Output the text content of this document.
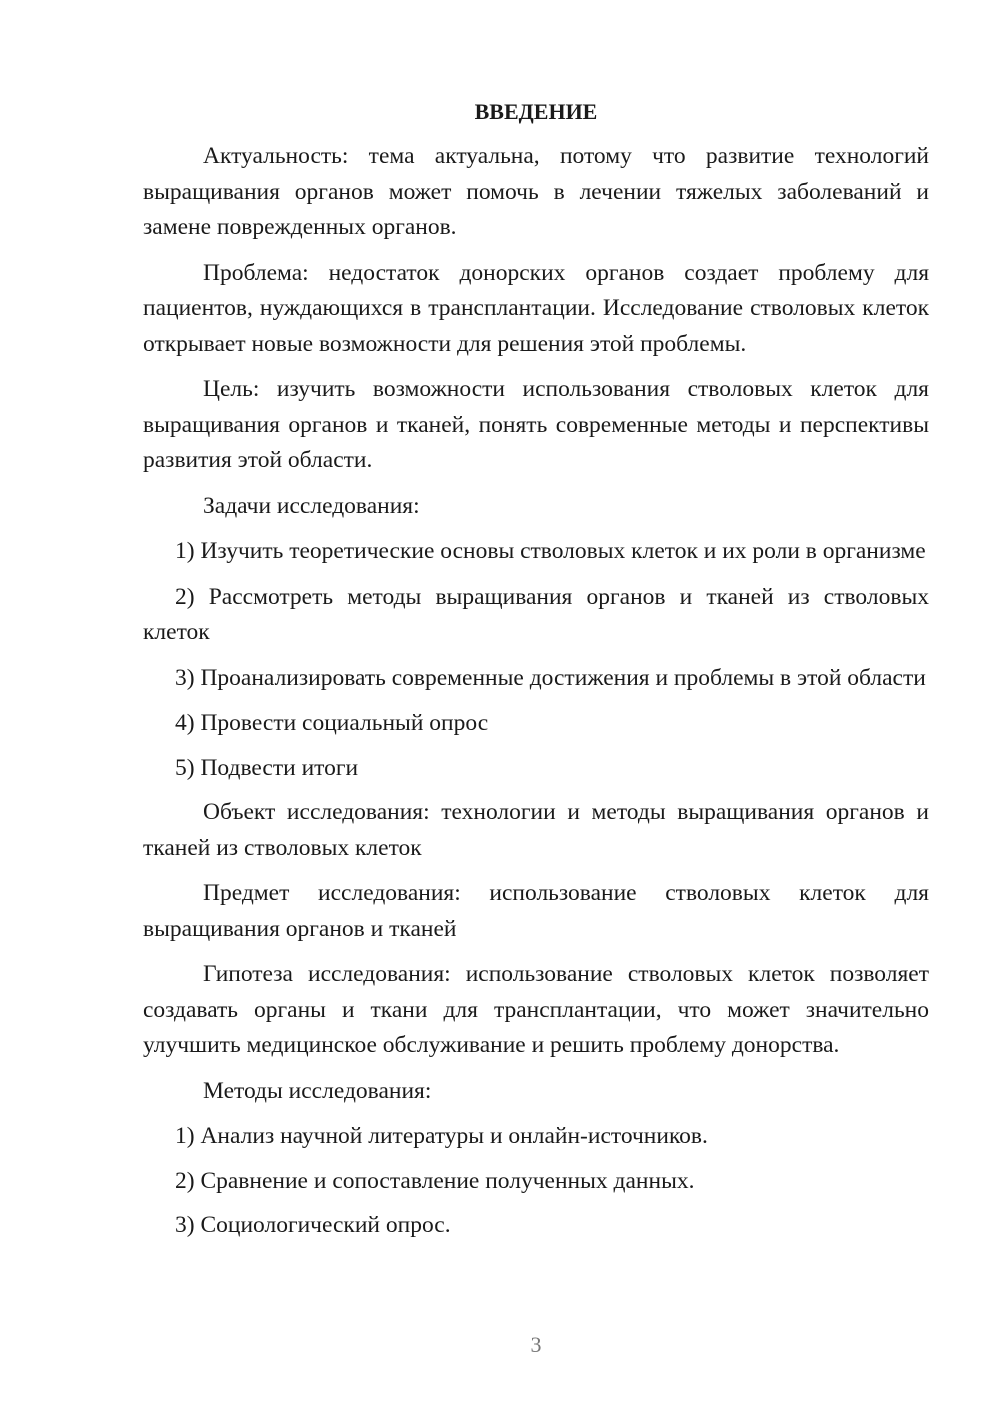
ВВЕДЕНИЕ

Актуальность: тема актуальна, потому что развитие технологий выращивания органов может помочь в лечении тяжелых заболеваний и замене поврежденных органов.

Проблема: недостаток донорских органов создает проблему для пациентов, нуждающихся в трансплантации. Исследование стволовых клеток открывает новые возможности для решения этой проблемы.

Цель: изучить возможности использования стволовых клеток для выращивания органов и тканей, понять современные методы и перспективы развития этой области.

Задачи исследования:

1) Изучить теоретические основы стволовых клеток и их роли в организме

2) Рассмотреть методы выращивания органов и тканей из стволовых клеток

3) Проанализировать современные достижения и проблемы в этой области

4) Провести социальный опрос

5) Подвести итоги

Объект исследования: технологии и методы выращивания органов и тканей из стволовых клеток

Предмет исследования: использование стволовых клеток для выращивания органов и тканей

Гипотеза исследования: использование стволовых клеток позволяет создавать органы и ткани для трансплантации, что может значительно улучшить медицинское обслуживание и решить проблему донорства.

Методы исследования:

1) Анализ научной литературы и онлайн-источников.

2) Сравнение и сопоставление полученных данных.

3) Социологический опрос.

3
